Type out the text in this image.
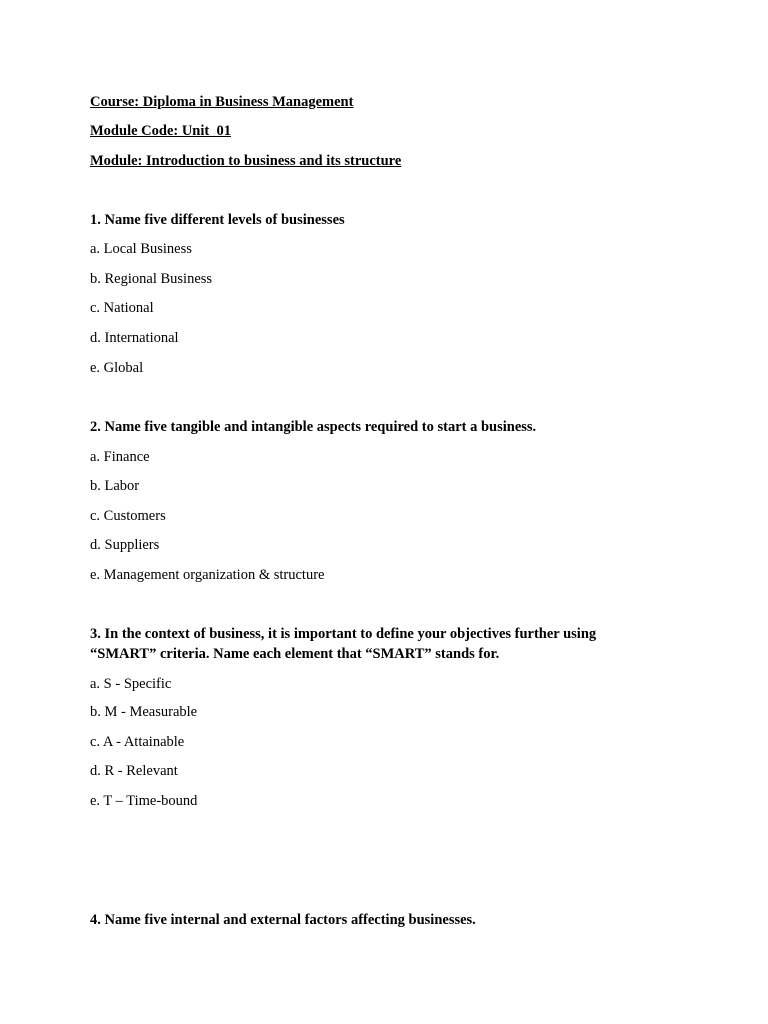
Course: Diploma in Business Management
Module Code: Unit_01
Module: Introduction to business and its structure
1. Name five different levels of businesses
a. Local Business
b. Regional Business
c. National
d. International
e. Global
2. Name five tangible and intangible aspects required to start a business.
a. Finance
b. Labor
c. Customers
d. Suppliers
e. Management organization & structure
3. In the context of business, it is important to define your objectives further using “SMART” criteria. Name each element that “SMART” stands for.
a. S - Specific
b. M - Measurable
c. A - Attainable
d. R - Relevant
e. T – Time-bound
4. Name five internal and external factors affecting businesses.
